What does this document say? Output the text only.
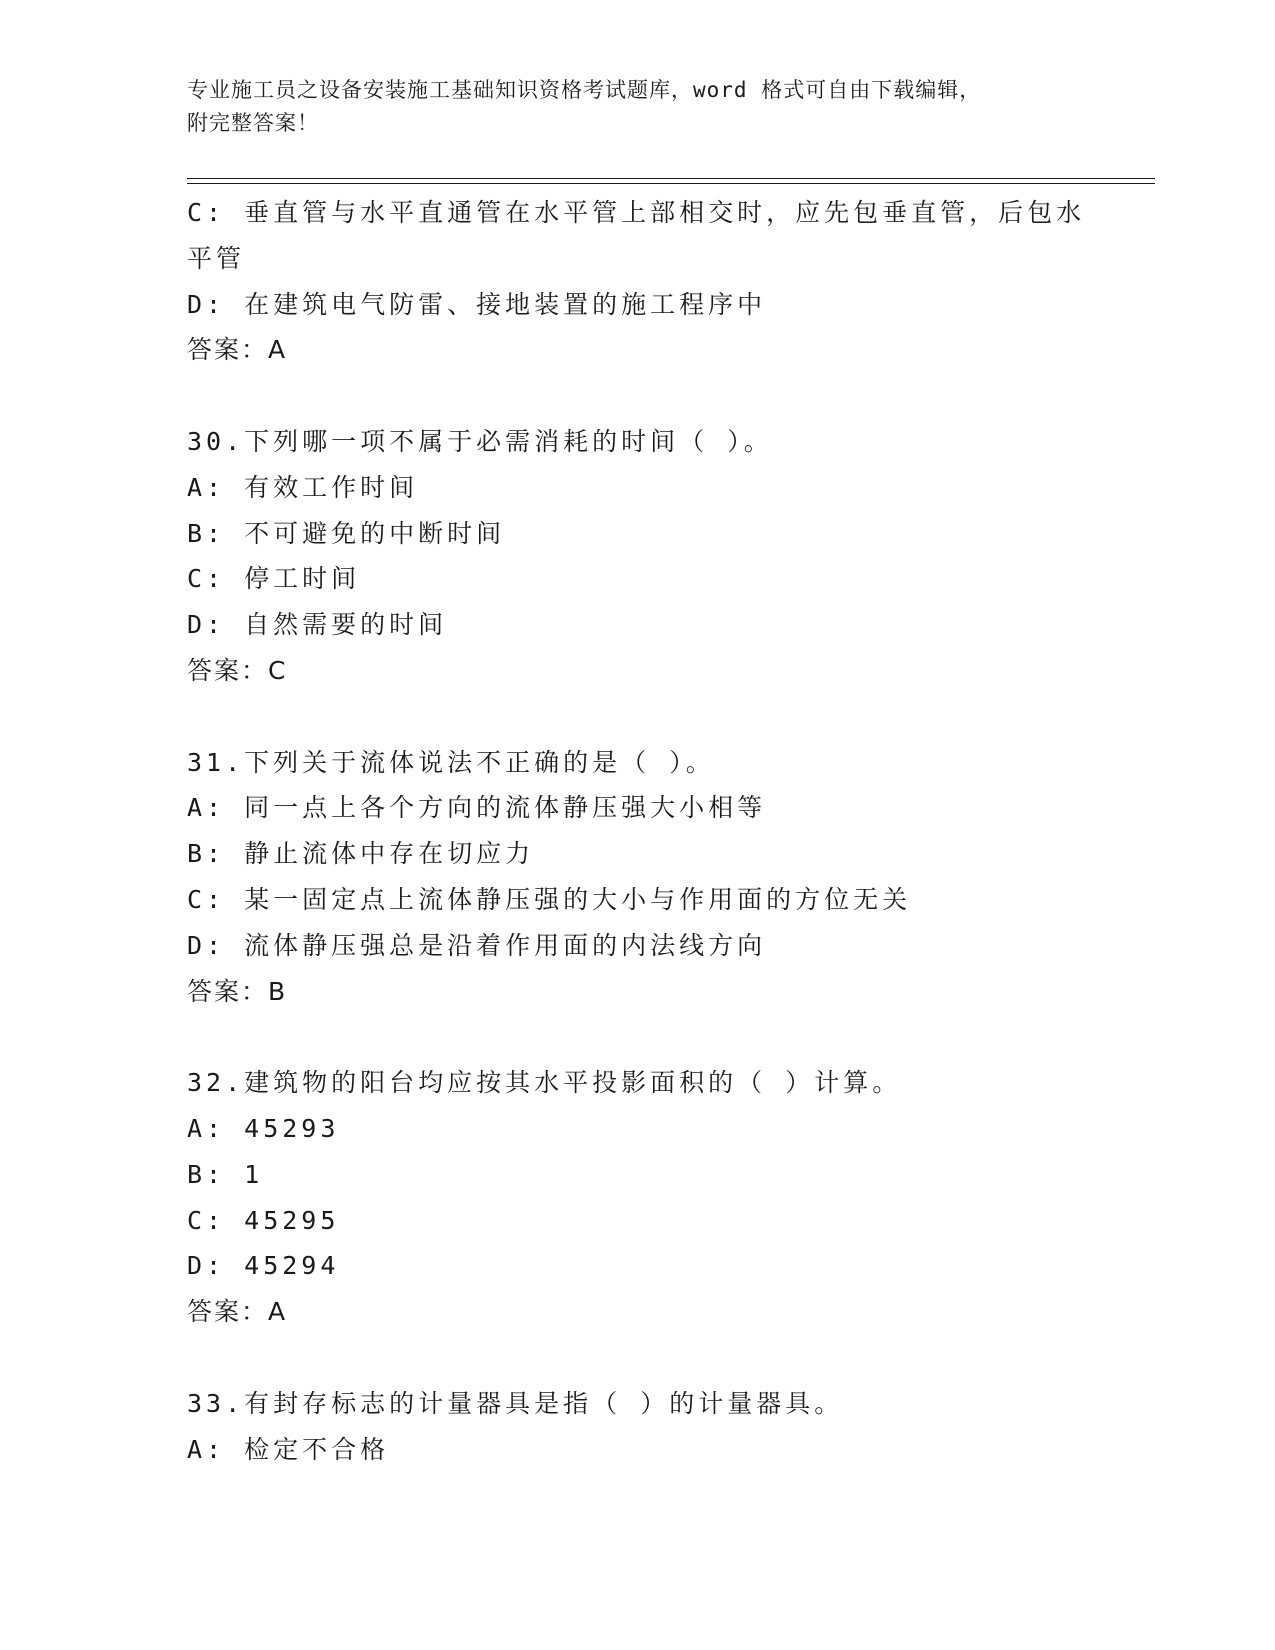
专业施工员之设备安装施工基础知识资格考试题库，word 格式可自由下载编辑，
附完整答案！
C: 垂直管与水平直通管在水平管上部相交时，应先包垂直管，后包水
平管
D: 在建筑电气防雷、接地装置的施工程序中
答案：A
30.下列哪一项不属于必需消耗的时间（ ）。
A: 有效工作时间
B: 不可避免的中断时间
C: 停工时间
D: 自然需要的时间
答案：C
31.下列关于流体说法不正确的是（ ）。
A: 同一点上各个方向的流体静压强大小相等
B: 静止流体中存在切应力
C: 某一固定点上流体静压强的大小与作用面的方位无关
D: 流体静压强总是沿着作用面的内法线方向
答案：B
32.建筑物的阳台均应按其水平投影面积的（ ）计算。
A: 45293
B: 1
C: 45295
D: 45294
答案：A
33.有封存标志的计量器具是指（ ）的计量器具。
A: 检定不合格
